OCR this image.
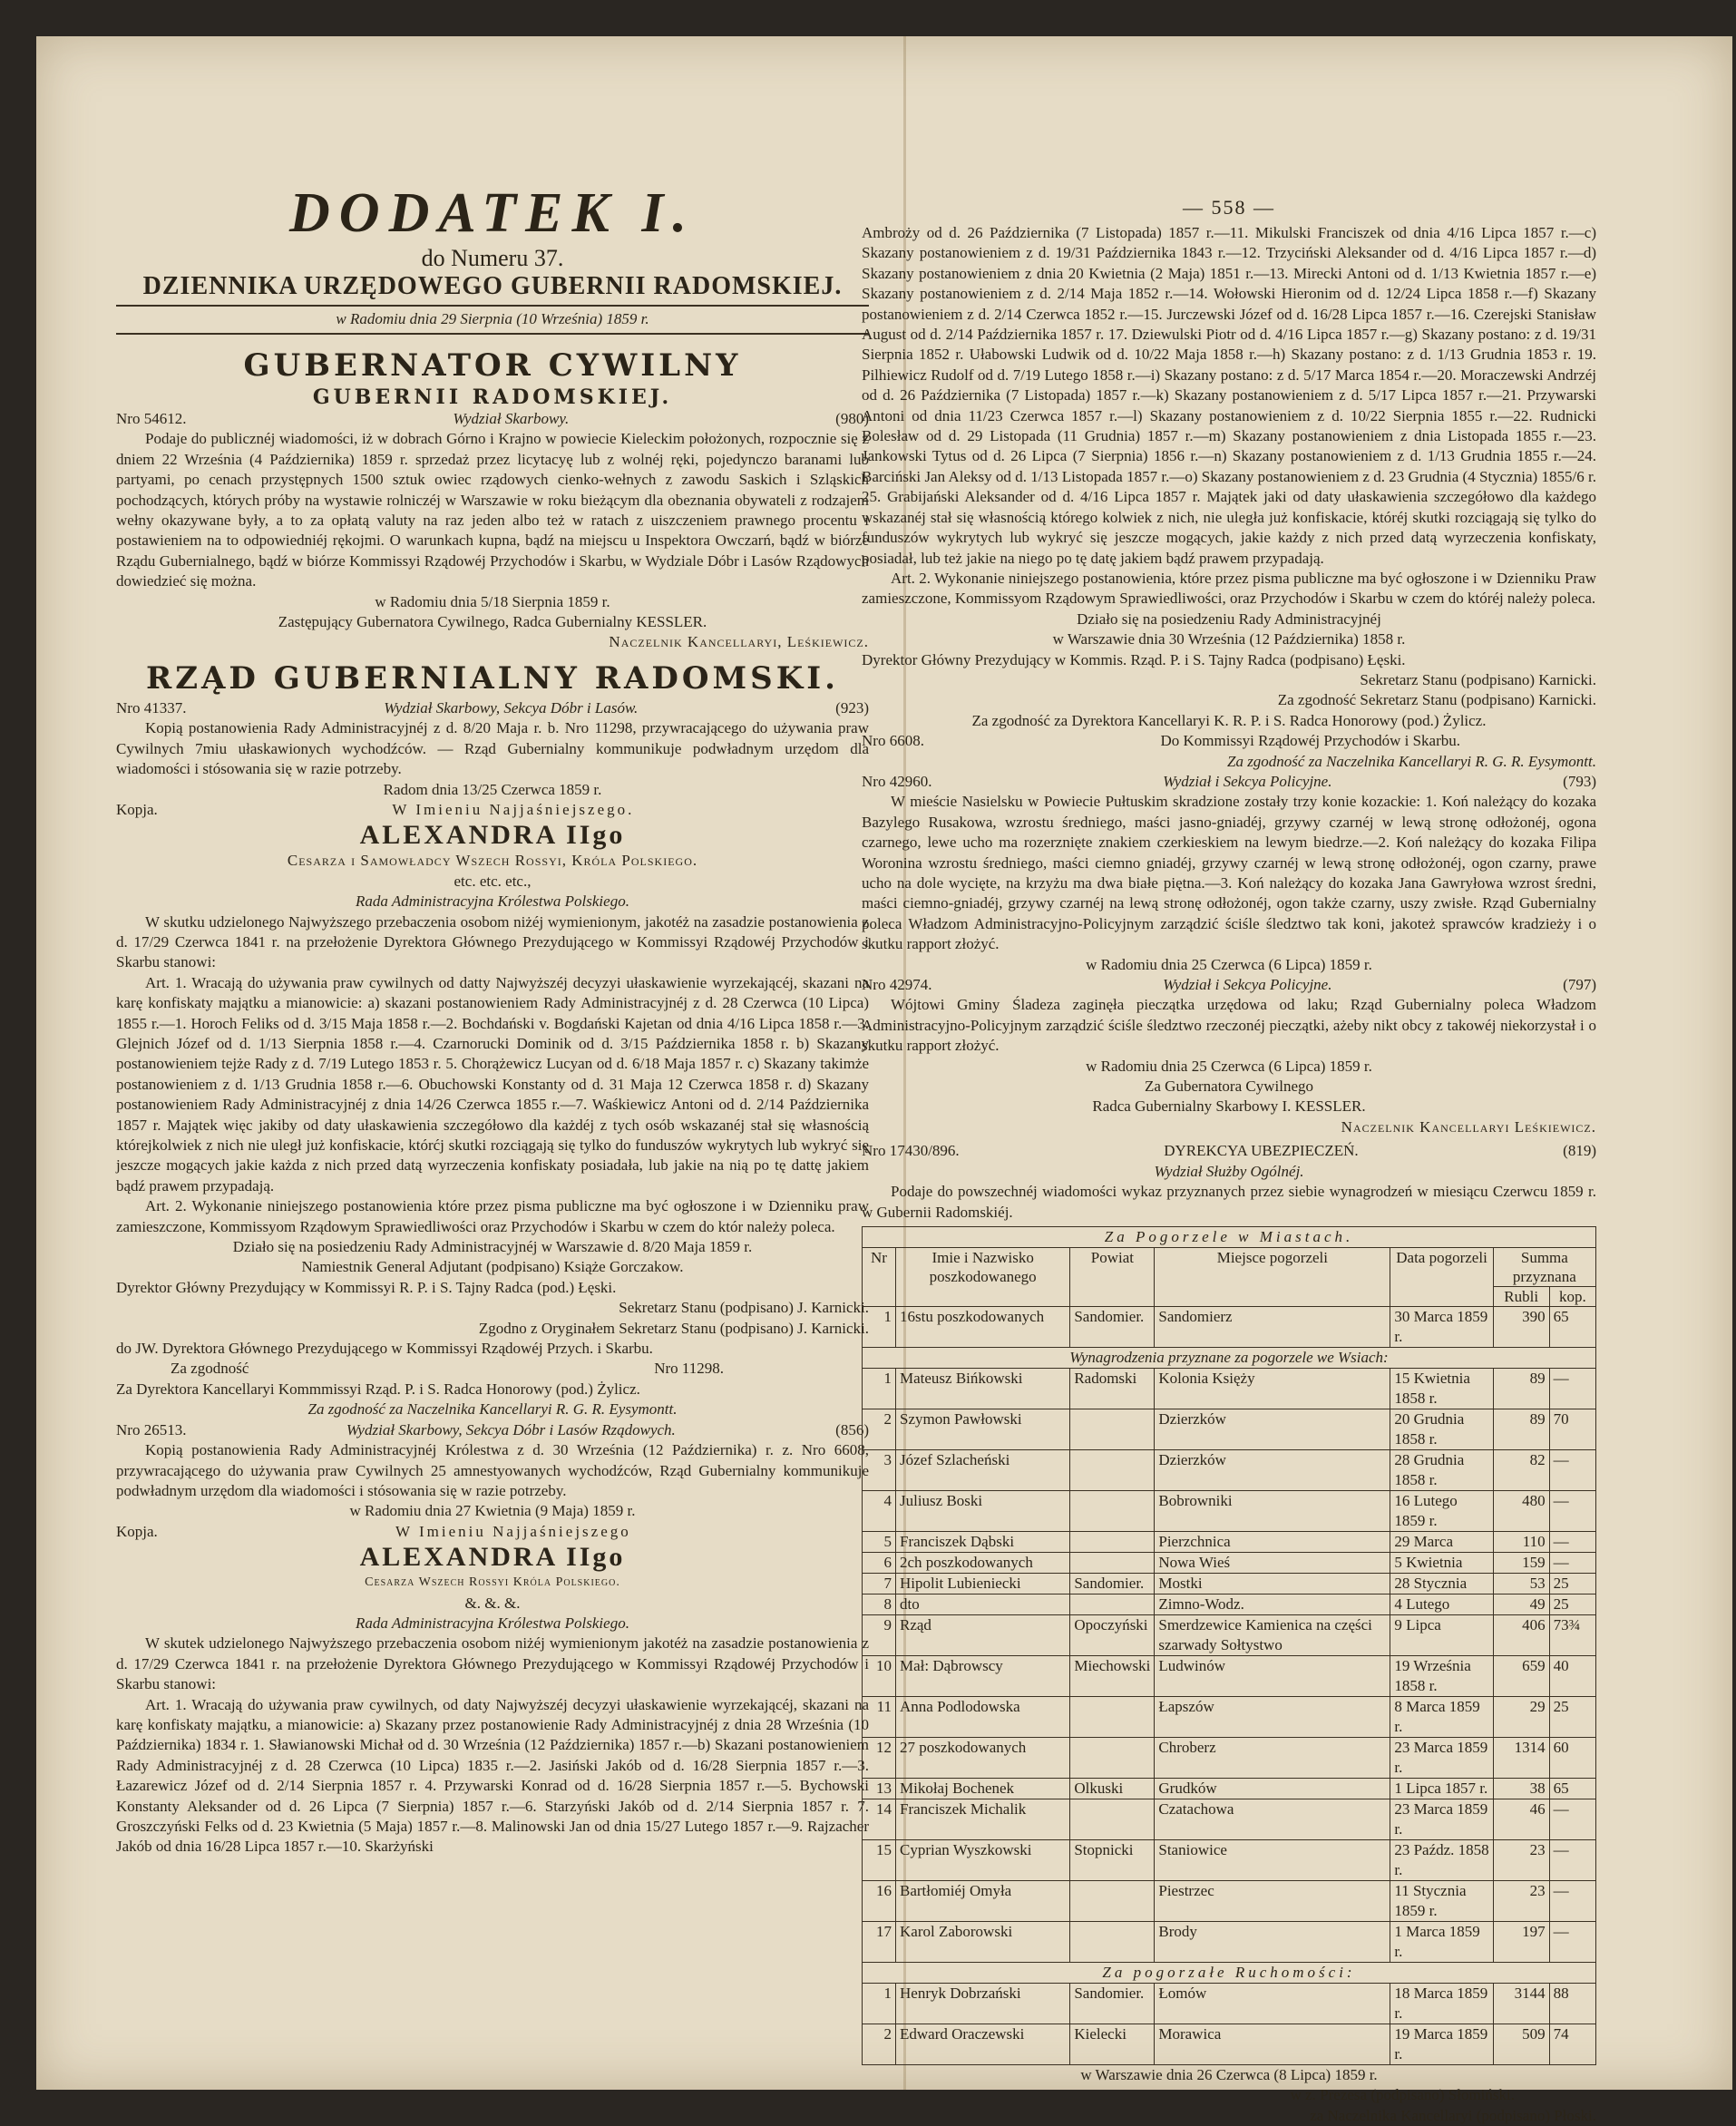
DODATEK I.
do Numeru 37.
DZIENNIKA URZĘDOWEGO GUBERNII RADOMSKIEJ.
w Radomiu dnia 29 Sierpnia (10 Września) 1859 r.
GUBERNATOR CYWILNY
GUBERNII RADOMSKIEJ.
Nro 54612.	Wydział Skarbowy.	(980)

Podaje do publicznéj wiadomości, iż w dobrach Górno i Krajno w powiecie Kieleckim położonych, rozpocznie się z dniem 22 Września (4 Października) 1859 r. sprzedaż przez licytacyę lub z wolnéj ręki, pojedynczo baranami lub partyami, po cenach przystępnych 1500 sztuk owiec rządowych cienko-wełnych z zawodu Saskich i Szląskich pochodzących, których próby na wystawie rolniczéj w Warszawie w roku bieżącym dla obeznania obywateli z rodzajem wełny okazywane były, a to za opłatą valuty na raz jeden albo też w ratach z uiszczeniem prawnego procentu i postawieniem na to odpowiedniéj rękojmi. O warunkach kupna, bądź na miejscu u Inspektora Owczarń, bądź w biórze Rządu Gubernialnego, bądź w biórze Kommissyi Rządowéj Przychodów i Skarbu, w Wydziale Dóbr i Lasów Rządowych dowiedzieć się można.

w Radomiu dnia 5/18 Sierpnia 1859 r.

Zastępujący Gubernatora Cywilnego, Radca Gubernialny KESSLER.

Naczelnik Kancellaryi, Leśkiewicz.

RZĄD GUBERNIALNY RADOMSKI.
Nro 41337.	Wydział Skarbowy, Sekcya Dóbr i Lasów.	(923)

Kopią postanowienia Rady Administracyjnéj z d. 8/20 Maja r. b. Nro 11298, przywracającego do używania praw Cywilnych 7miu ułaskawionych wychodźców. — Rząd Gubernialny kommunikuje podwładnym urzędom dla wiadomości i stósowania się w razie potrzeby.

Radom dnia 13/25 Czerwca 1859 r.

Kopja.	W Imieniu Najjaśniejszego.
ALEXANDRA IIgo

Cesarza i Samowładcy Wszech Rossyi, Króla Polskiego.

etc. etc. etc.,

Rada Administracyjna Królestwa Polskiego.

W skutku udzielonego Najwyższego przebaczenia osobom niżéj wymienionym, jakotéż na zasadzie postanowienia z d. 17/29 Czerwca 1841 r. na przełożenie Dyrektora Głównego Prezydującego w Kommissyi Rządowéj Przychodów i Skarbu stanowi:

Art. 1. Wracają do używania praw cywilnych od datty Najwyższéj decyzyi ułaskawienie wyrzekającéj, skazani na karę konfiskaty majątku a mianowicie: a) skazani postanowieniem Rady Administracyjnéj z d. 28 Czerwca (10 Lipca) 1855 r.—1. Horoch Feliks od d. 3/15 Maja 1858 r.—2. Bochdański v. Bogdański Kajetan od dnia 4/16 Lipca 1858 r.—3. Glejnich Józef od d. 1/13 Sierpnia 1858 r.—4. Czarnorucki Dominik od d. 3/15 Października 1858 r. b) Skazany postanowieniem tejże Rady z d. 7/19 Lutego 1853 r. 5. Chorążewicz Lucyan od d. 6/18 Maja 1857 r. c) Skazany takimże postanowieniem z d. 1/13 Grudnia 1858 r.—6. Obuchowski Konstanty od d. 31 Maja 12 Czerwca 1858 r. d) Skazany postanowieniem Rady Administracyjnéj z dnia 14/26 Czerwca 1855 r.—7. Waśkiewicz Antoni od d. 2/14 Października 1857 r. Majątek więc jakiby od daty ułaskawienia szczegółowo dla każdéj z tych osób wskazanéj stał się własnością którejkolwiek z nich nie uległ już konfiskacie, którćj skutki rozciągają się tylko do funduszów wykrytych lub wykryć się jeszcze mogących jakie każda z nich przed datą wyrzeczenia konfiskaty posiadała, lub jakie na nią po tę dattę jakiem bądź prawem przypadają.

Art. 2. Wykonanie niniejszego postanowienia które przez pisma publiczne ma być ogłoszone i w Dzienniku praw zamieszczone, Kommissyom Rządowym Sprawiedliwości oraz Przychodów i Skarbu w czem do któr należy poleca.

Działo się na posiedzeniu Rady Administracyjnéj w Warszawie d. 8/20 Maja 1859 r.

Namiestnik General Adjutant (podpisano) Książe Gorczakow.

Dyrektor Główny Prezydujący w Kommissyi R. P. i S. Tajny Radca (pod.) Łęski.

Sekretarz Stanu (podpisano) J. Karnicki.

Zgodno z Oryginałem Sekretarz Stanu (podpisano) J. Karnicki.

do JW. Dyrektora Głównego Prezydującego w Kommissyi Rządowéj Przych. i Skarbu.

Za zgodność	Nro 11298.

Za Dyrektora Kancellaryi Kommmissyi Rząd. P. i S. Radca Honorowy (pod.) Żylicz.

Za zgodność za Naczelnika Kancellaryi R. G. R. Eysymontt.

Nro 26513.	Wydział Skarbowy, Sekcya Dóbr i Lasów Rządowych.	(856)

Kopią postanowienia Rady Administracyjnéj Królestwa z d. 30 Września (12 Października) r. z. Nro 6608, przywracającego do używania praw Cywilnych 25 amnestyowanych wychodźców, Rząd Gubernialny kommunikuje podwładnym urzędom dla wiadomości i stósowania się w razie potrzeby.

w Radomiu dnia 27 Kwietnia (9 Maja) 1859 r.

Kopja.	W Imieniu Najjaśniejszego
ALEXANDRA IIgo

Cesarza Wszech Rossyi Króla Polskiego.

&. &. &.

Rada Administracyjna Królestwa Polskiego.

W skutek udzielonego Najwyższego przebaczenia osobom niżéj wymienionym jakotéż na zasadzie postanowienia z d. 17/29 Czerwca 1841 r. na przełożenie Dyrektora Głównego Prezydującego w Kommissyi Rządowéj Przychodów i Skarbu stanowi:

Art. 1. Wracają do używania praw cywilnych, od daty Najwyższéj decyzyi ułaskawienie wyrzekającéj, skazani na karę konfiskaty majątku, a mianowicie: a) Skazany przez postanowienie Rady Administracyjnéj z dnia 28 Września (10 Października) 1834 r. 1. Sławianowski Michał od d. 30 Września (12 Października) 1857 r.—b) Skazani postanowieniem Rady Administracyjnéj z d. 28 Czerwca (10 Lipca) 1835 r.—2. Jasiński Jakób od d. 16/28 Sierpnia 1857 r.—3. Łazarewicz Józef od d. 2/14 Sierpnia 1857 r. 4. Przywarski Konrad od d. 16/28 Sierpnia 1857 r.—5. Bychowski Konstanty Aleksander od d. 26 Lipca (7 Sierpnia) 1857 r.—6. Starzyński Jakób od d. 2/14 Sierpnia 1857 r. 7. Groszczyński Felks od d. 23 Kwietnia (5 Maja) 1857 r.—8. Malinowski Jan od dnia 15/27 Lutego 1857 r.—9. Rajzacher Jakób od dnia 16/28 Lipca 1857 r.—10. Skarżyński

— 558 —

Ambroży od d. 26 Października (7 Listopada) 1857 r.—11. Mikulski Franciszek od dnia 4/16 Lipca 1857 r.—c) Skazany postanowieniem z d. 19/31 Października 1843 r.—12. Trzyciński Aleksander od d. 4/16 Lipca 1857 r.—d) Skazany postanowieniem z dnia 20 Kwietnia (2 Maja) 1851 r.—13. Mirecki Antoni od d. 1/13 Kwietnia 1857 r.—e) Skazany postanowieniem z d. 2/14 Maja 1852 r.—14. Wołowski Hieronim od d. 12/24 Lipca 1858 r.—f) Skazany postanowieniem z d. 2/14 Czerwca 1852 r.—15. Jurczewski Józef od d. 16/28 Lipca 1857 r.—16. Czerejski Stanisław August od d. 2/14 Października 1857 r. 17. Dziewulski Piotr od d. 4/16 Lipca 1857 r.—g) Skazany postano: z d. 19/31 Sierpnia 1852 r. Ułabowski Ludwik od d. 10/22 Maja 1858 r.—h) Skazany postano: z d. 1/13 Grudnia 1853 r. 19. Pilhiewicz Rudolf od d. 7/19 Lutego 1858 r.—i) Skazany postano: z d. 5/17 Marca 1854 r.—20. Moraczewski Andrzéj od d. 26 Października (7 Listopada) 1857 r.—k) Skazany postanowieniem z d. 5/17 Lipca 1857 r.—21. Przywarski Antoni od dnia 11/23 Czerwca 1857 r.—l) Skazany postanowieniem z d. 10/22 Sierpnia 1855 r.—22. Rudnicki Bolesław od d. 29 Listopada (11 Grudnia) 1857 r.—m) Skazany postanowieniem z dnia Listopada 1855 r.—23. Jankowski Tytus od d. 26 Lipca (7 Sierpnia) 1856 r.—n) Skazany postanowieniem z d. 1/13 Grudnia 1855 r.—24. Barciński Jan Aleksy od d. 1/13 Listopada 1857 r.—o) Skazany postanowieniem z d. 23 Grudnia (4 Stycznia) 1855/6 r. 25. Grabijański Aleksander od d. 4/16 Lipca 1857 r. Majątek jaki od daty ułaskawienia szczegółowo dla każdego wskazanéj stał się własnością którego kolwiek z nich, nie uległa już konfiskacie, któréj skutki rozciągają się tylko do funduszów wykrytych lub wykryć się jeszcze mogących, jakie każdy z nich przed datą wyrzeczenia konfiskaty, posiadał, lub też jakie na niego po tę datę jakiem bądź prawem przypadają.

Art. 2. Wykonanie niniejszego postanowienia, które przez pisma publiczne ma być ogłoszone i w Dzienniku Praw zamieszczone, Kommissyom Rządowym Sprawiedliwości, oraz Przychodów i Skarbu w czem do któréj należy poleca.

Działo się na posiedzeniu Rady Administracyjnéj

w Warszawie dnia 30 Września (12 Października) 1858 r.

Dyrektor Główny Prezydujący w Kommis. Rząd. P. i S. Tajny Radca (podpisano) Łęski.

Sekretarz Stanu (podpisano) Karnicki.

Za zgodność Sekretarz Stanu (podpisano) Karnicki.

Za zgodność za Dyrektora Kancellaryi K. R. P. i S. Radca Honorowy (pod.) Żylicz.

Nro 6608.	Do Kommissyi Rządowéj Przychodów i Skarbu.

Za zgodność za Naczelnika Kancellaryi R. G. R. Eysymontt.

Nro 42960.	Wydział i Sekcya Policyjne.	(793)

W mieście Nasielsku w Powiecie Pułtuskim skradzione zostały trzy konie kozackie: 1. Koń należący do kozaka Bazylego Rusakowa, wzrostu średniego, maści jasno-gniadéj, grzywy czarnéj w lewą stronę odłożonéj, ogona czarnego, lewe ucho ma rozerznięte znakiem czerkieskiem na lewym biedrze.—2. Koń należący do kozaka Filipa Woronina wzrostu średniego, maści ciemno gniadéj, grzywy czarnéj w lewą stronę odłożonéj, ogon czarny, prawe ucho na dole wycięte, na krzyżu ma dwa białe piętna.—3. Koń należący do kozaka Jana Gawryłowa wzrost średni, maści ciemno-gniadéj, grzywy czarnéj na lewą stronę odłożonéj, ogon także czarny, uszy zwisłe. Rząd Gubernialny poleca Władzom Administracyjno-Policyjnym zarządzić ściśle śledztwo tak koni, jakoteż sprawców kradzieży i o skutku rapport złożyć.

w Radomiu dnia 25 Czerwca (6 Lipca) 1859 r.

Nro 42974.	Wydział i Sekcya Policyjne.	(797)

Wójtowi Gminy Śladeza zaginęła pieczątka urzędowa od laku; Rząd Gubernialny poleca Władzom Administracyjno-Policyjnym zarządzić ściśle śledztwo rzeczonéj pieczątki, ażeby nikt obcy z takowéj niekorzystał i o skutku rapport złożyć.

w Radomiu dnia 25 Czerwca (6 Lipca) 1859 r.

Za Gubernatora Cywilnego

Radca Gubernialny Skarbowy I. KESSLER.

Naczelnik Kancellaryi Leśkiewicz.

Nro 17430/896.	DYREKCYA UBEZPIECZEŃ.	(819)

Wydział Służby Ogólnéj.

Podaje do powszechnéj wiadomości wykaz przyznanych przez siebie wynagrodzeń w miesiącu Czerwcu 1859 r. w Gubernii Radomskiéj.

Za Pogorzele w Miastach.						
Nr	Imie i Nazwisko poszkodowanego	Powiat	Miejsce pogorzeli	Data pogorzeli	Summa przyznana	
					Rubli	kop.
1	16stu poszkodowanych	Sandomier.	Sandomierz	30 Marca 1859 r.	390	65
Wynagrodzenia przyznane za pogorzele we Wsiach:						
1	Mateusz Bińkowski	Radomski	Kolonia Księży	15 Kwietnia 1858 r.	89	—
2	Szymon Pawłowski		Dzierzków	20 Grudnia 1858 r.	89	70
3	Józef Szlacheński		Dzierzków	28 Grudnia 1858 r.	82	—
4	Juliusz Boski		Bobrowniki	16 Lutego 1859 r.	480	—
5	Franciszek Dąbski		Pierzchnica	29 Marca	110	—
6	2ch poszkodowanych		Nowa Wieś	5 Kwietnia	159	—
7	Hipolit Lubieniecki	Sandomier.	Mostki	28 Stycznia	53	25
8	dto		Zimno-Wodz.	4 Lutego	49	25
9	Rząd	Opoczyński	Smerdzewice Kamienica na części szarwady Sołtystwo	9 Lipca	406	73¾
10	Mał: Dąbrowscy	Miechowski	Ludwinów	19 Września 1858 r.	659	40
11	Anna Podlodowska		Łapszów	8 Marca 1859 r.	29	25
12	27 poszkodowanych		Chroberz	23 Marca 1859 r.	1314	60
13	Mikołaj Bochenek	Olkuski	Grudków	1 Lipca 1857 r.	38	65
14	Franciszek Michalik		Czatachowa	23 Marca 1859 r.	46	—
15	Cyprian Wyszkowski	Stopnicki	Staniowice	23 Paźdz. 1858 r.	23	—
16	Bartłomiéj Omyła		Piestrzec	11 Stycznia 1859 r.	23	—
17	Karol Zaborowski		Brody	1 Marca 1859 r.	197	—
Za pogorzałe Ruchomości:						
1	Henryk Dobrzański	Sandomier.	Łomów	18 Marca 1859 r.	3144	88
2	Edward Oraczewski	Kielecki	Morawica	19 Marca 1859 r.	509	74

w Warszawie dnia 26 Czerwca (8 Lipca) 1859 r.

w z. Prezesa (podpisano) Słomiński.

za Naczelnika Kancellaryi (podpisano) Płoski.
